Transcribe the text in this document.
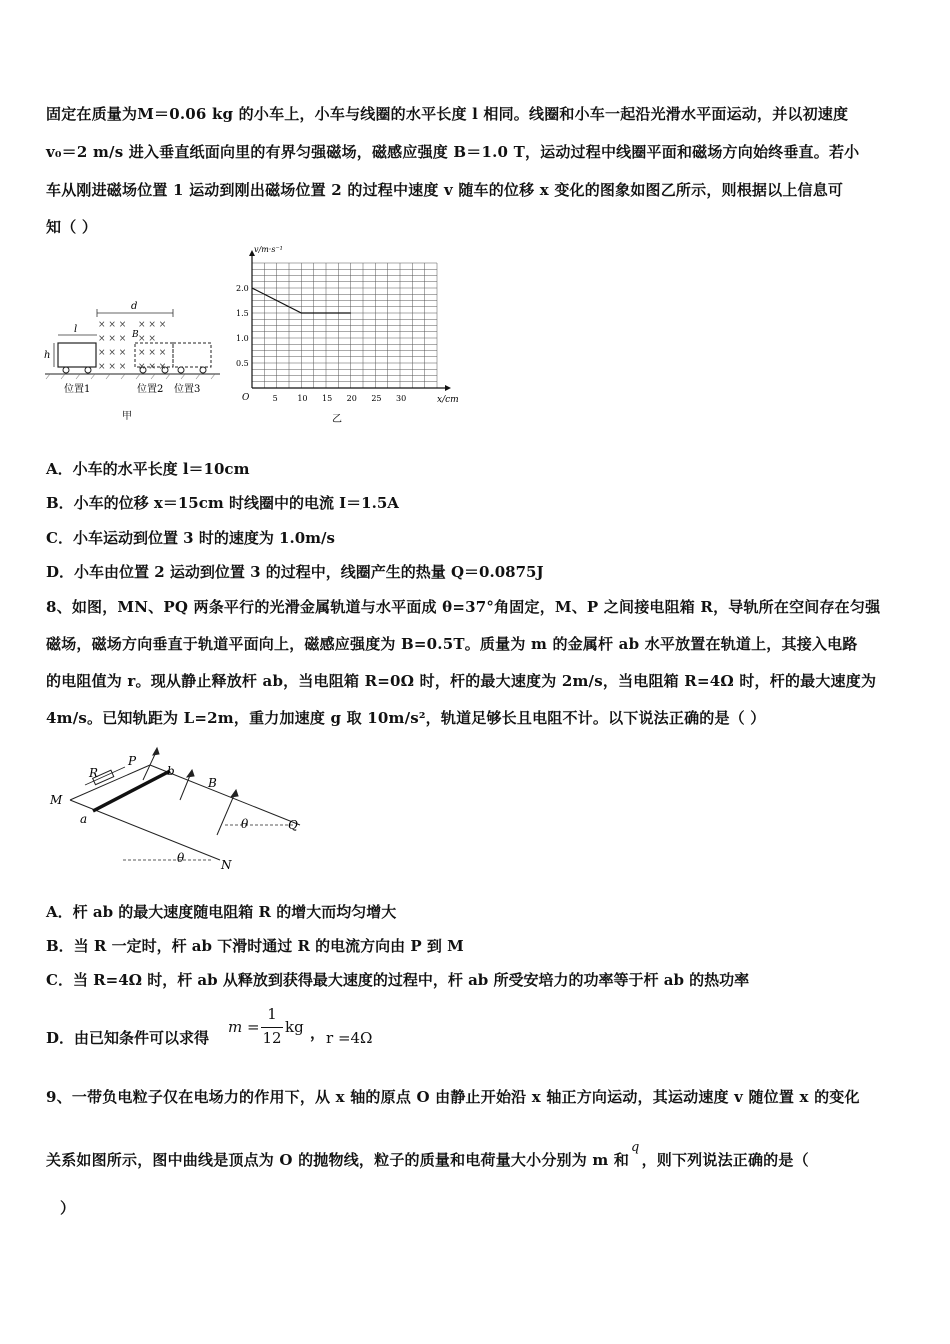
固定在质量为M＝0.06 kg 的小车上，小车与线圈的水平长度 l 相同。线圈和小车一起沿光滑水平面运动，并以初速度
v₀＝2 m/s 进入垂直纸面向里的有界匀强磁场，磁感应强度 B＝1.0 T，运动过程中线圈平面和磁场方向始终垂直。若小
车从刚进磁场位置 1 运动到刚出磁场位置 2 的过程中速度 v 随车的位移 x 变化的图象如图乙所示，则根据以上信息可
知（ ）
d
l
h
× × × × × ×
× × × × ×
× × × × × ×
× × × × × ×
B
位置1	位置2 位置3
甲
v/m·s⁻¹
x/cm
O
0.5
1.0
1.5
2.0
5 10 15 20 25 30
乙
A．小车的水平长度 l＝10cm
B．小车的位移 x＝15cm 时线圈中的电流 I＝1.5A
C．小车运动到位置 3 时的速度为 1.0m/s
D．小车由位置 2 运动到位置 3 的过程中，线圈产生的热量 Q＝0.0875J
8、如图，MN、PQ 两条平行的光滑金属轨道与水平面成 θ=37°角固定，M、P 之间接电阻箱 R，导轨所在空间存在匀强
磁场，磁场方向垂直于轨道平面向上，磁感应强度为 B=0.5T。质量为 m 的金属杆 ab 水平放置在轨道上，其接入电路
的电阻值为 r。现从静止释放杆 ab，当电阻箱 R=0Ω 时，杆的最大速度为 2m/s，当电阻箱 R=4Ω 时，杆的最大速度为
4m/s。已知轨距为 L=2m，重力加速度 g 取 10m/s²，轨道足够长且电阻不计。以下说法正确的是（ ）
R
P
b
B
M
a	θ	Q
θ	N
A．杆 ab 的最大速度随电阻箱 R 的增大而均匀增大
B．当 R 一定时，杆 ab 下滑时通过 R 的电流方向由 P 到 M
C．当 R=4Ω 时，杆 ab 从释放到获得最大速度的过程中，杆 ab 所受安培力的功率等于杆 ab 的热功率
D．由已知条件可以求得
m =
1
12
kg ， r =4Ω
9、一带负电粒子仅在电场力的作用下，从 x 轴的原点 O 由静止开始沿 x 轴正方向运动，其运动速度 v 随位置 x 的变化
关系如图所示，图中曲线是顶点为 O 的抛物线，粒子的质量和电荷量大小分别为 m 和q，则下列说法正确的是（
）
